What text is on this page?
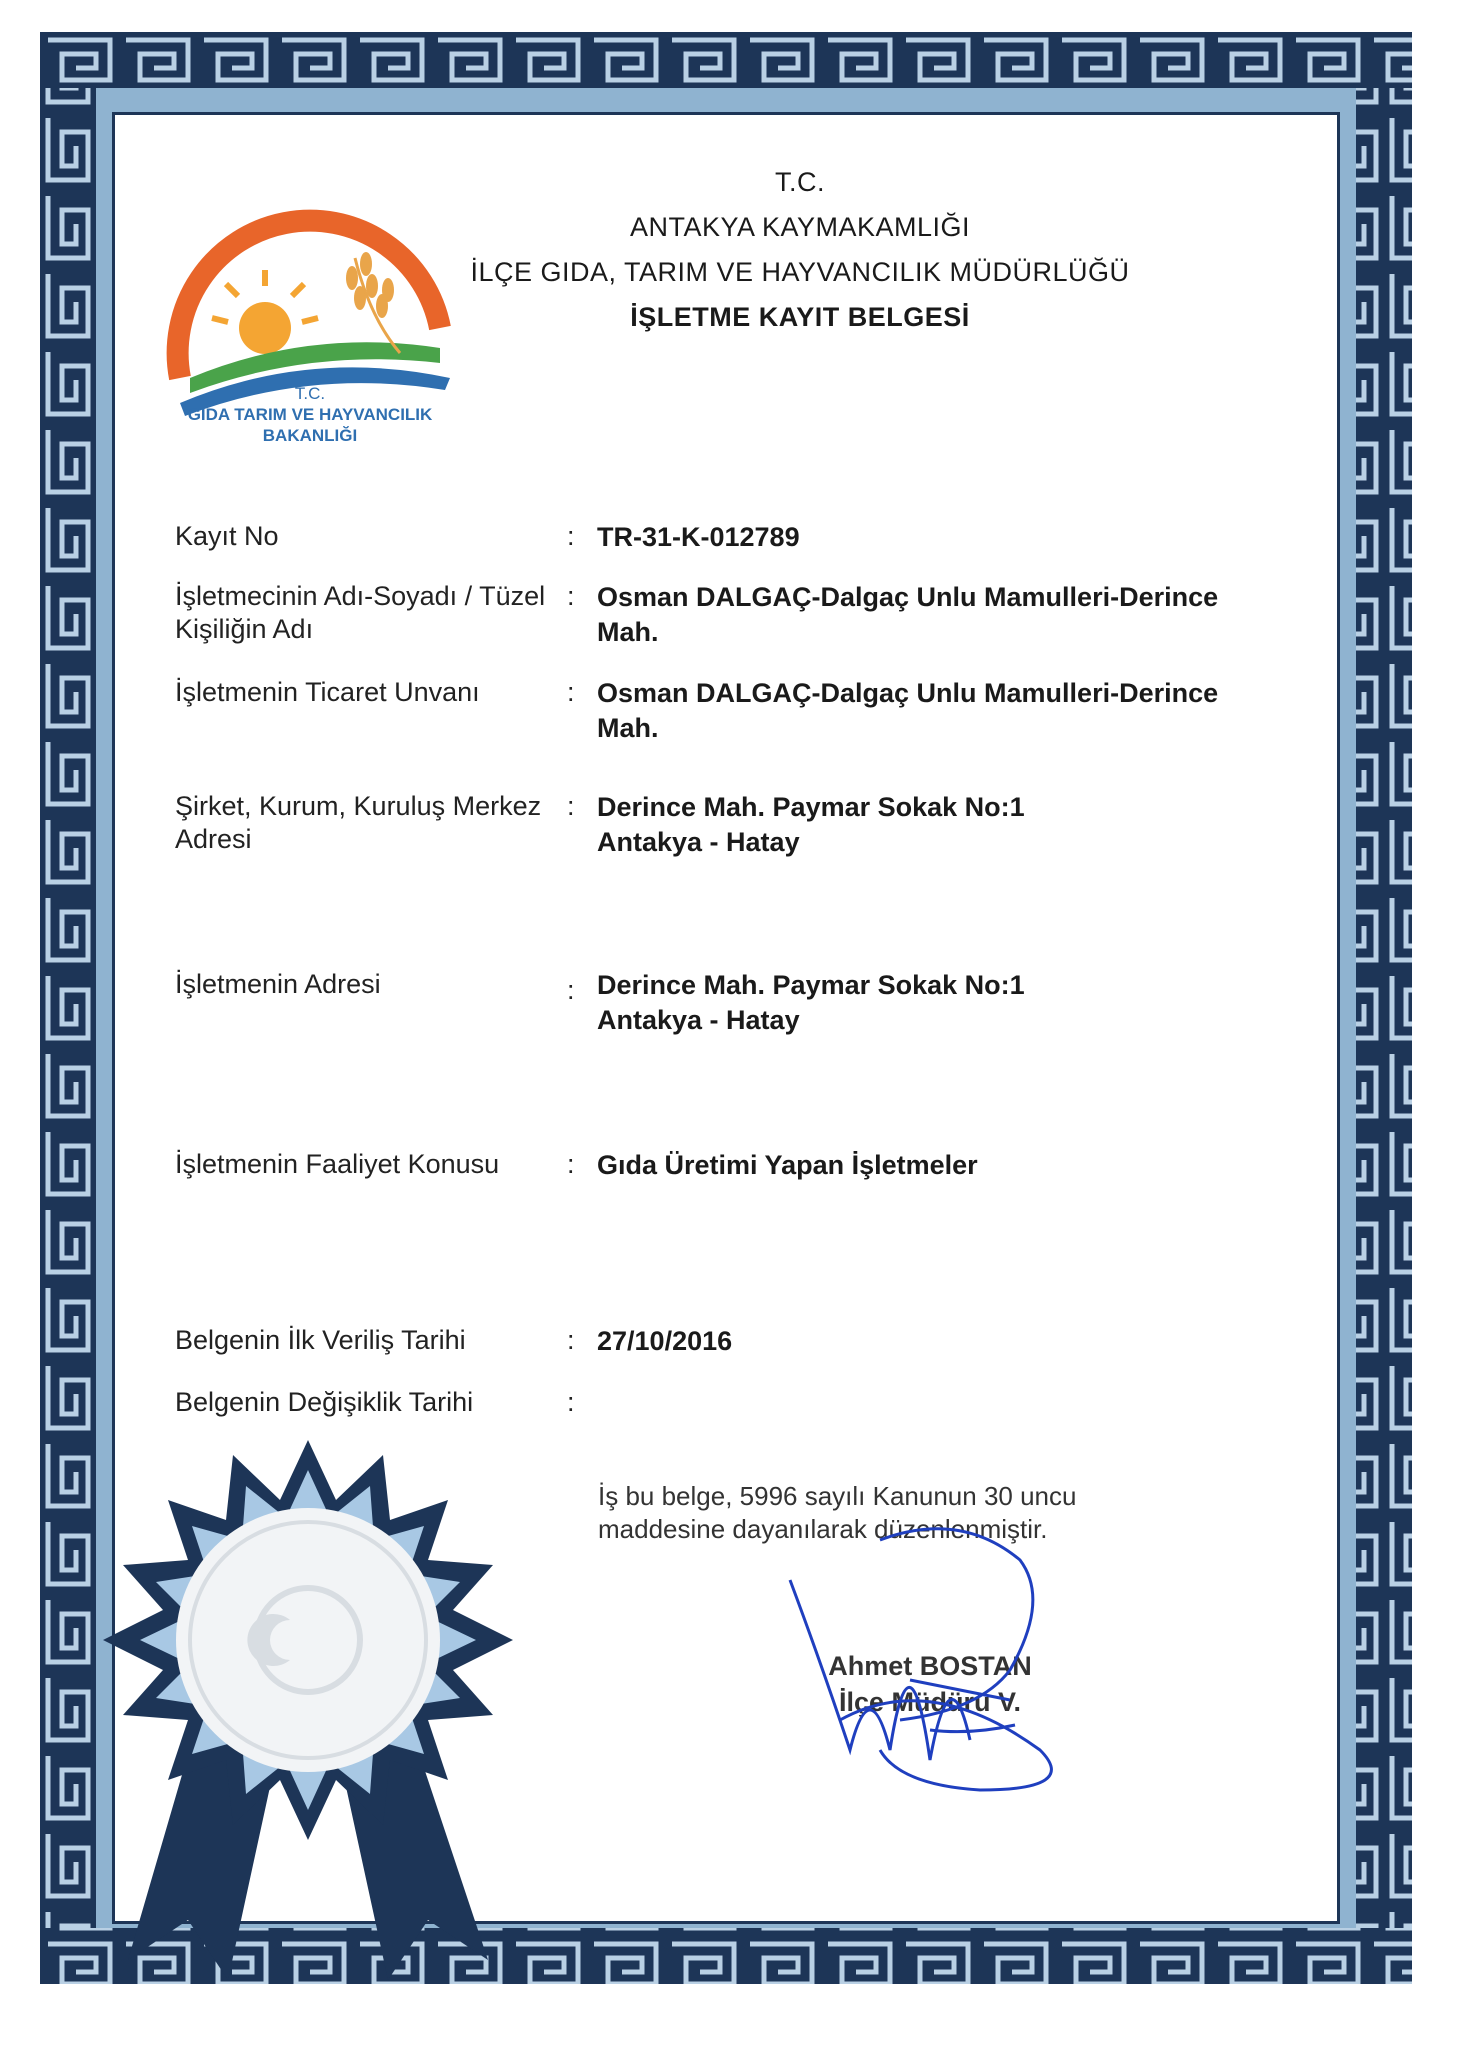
T.C.
GIDA TARIM VE HAYVANCILIK
BAKANLIĞI
T.C.
ANTAKYA KAYMAKAMLIĞI
İLÇE GIDA, TARIM VE HAYVANCILIK MÜDÜRLÜĞÜ
İŞLETME KAYIT BELGESİ
Kayıt No	: TR-31-K-012789
İşletmecinin Adı-Soyadı / Tüzel Kişiliğin Adı
: Osman DALGAÇ-Dalgaç Unlu Mamulleri-Derince Mah.
İşletmenin Ticaret Unvanı	: Osman DALGAÇ-Dalgaç Unlu Mamulleri-Derince Mah.
Şirket, Kurum, Kuruluş Merkez Adresi
: Derince Mah. Paymar Sokak No:1 Antakya - Hatay
İşletmenin Adresi	: Derince Mah. Paymar Sokak No:1 Antakya - Hatay
İşletmenin Faaliyet Konusu	: Gıda Üretimi Yapan İşletmeler
Belgenin İlk Veriliş Tarihi	: 27/10/2016
Belgenin Değişiklik Tarihi	:
İş bu belge, 5996 sayılı Kanunun 30 uncu maddesine dayanılarak düzenlenmiştir.
Ahmet BOSTAN
İlçe Müdürü V.
